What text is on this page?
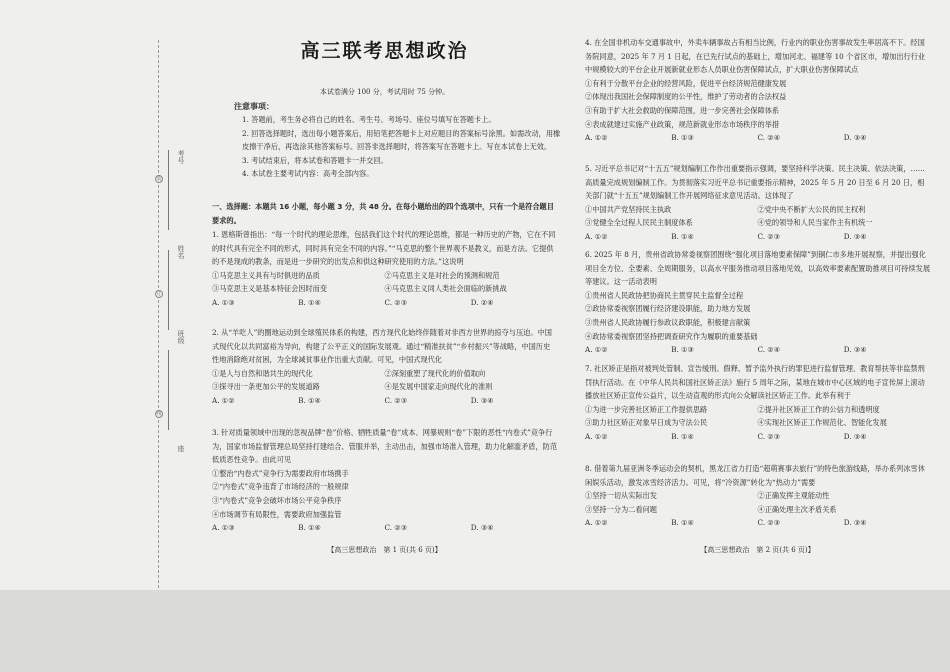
考号
姓名
班级
座
装
订
线
高三联考思想政治
本试卷满分 100 分，考试用时 75 分钟。
注意事项：

1. 答题前，考生务必将自己的姓名、考生号、考场号、座位号填写在答题卡上。

2. 回答选择题时，选出每小题答案后，用铅笔把答题卡上对应题目的答案标号涂黑。如需改动，用橡皮擦干净后，再选涂其他答案标号。回答非选择题时，将答案写在答题卡上。写在本试卷上无效。

3. 考试结束后，将本试卷和答题卡一并交回。

4. 本试卷主要考试内容：高考全部内容。

一、选择题：本题共 16 小题，每小题 3 分，共 48 分。在每小题给出的四个选项中，只有一个是符合题目要求的。

1. 恩格斯曾指出：“每一个时代的理论思维，包括我们这个时代的理论思维，都是一种历史的产物，它在不同的时代具有完全不同的形式，同时具有完全不同的内容。”“马克思的整个世界观不是教义，而是方法。它提供的不是现成的教条，而是进一步研究的出发点和供这种研究使用的方法。”这说明

①马克思主义具有与时俱进的品质	②马克思主义是对社会的预测和规范
③马克思主义是基本特征会因时而变	④马克思主义同人类社会面临的新挑战
A. ①③	B. ①④	C. ②③	D. ②④

2. 从“羊吃人”的圈地运动到全球殖民体系的构建，西方现代化始终伴随着对非西方世界的掠夺与压迫。中国式现代化以共同富裕为导向，构建了公平正义的国际发展观。通过“精准扶贫”“乡村振兴”等战略，中国历史性地消除绝对贫困，为全球减贫事业作出重大贡献。可见，中国式现代化

①是人与自然和谐共生的现代化	②深刻重塑了现代化的价值取向
③探寻出一条更加公平的发展道路	④是发展中国家走向现代化的准则
A. ①②	B. ①④	C. ②③	D. ③④

3. 针对质量领域中出现的忽视品牌“卷”价格、牺牲质量“卷”成本、网暴规则“卷”下限的恶性“内卷式”竞争行为，国家市场监督管理总局坚持打建结合、管服并举，主动出击，加强市场准入管理，助力化解滥矛盾，防范低质恶性竞争。由此可见

①整治“内卷式”竞争行为需要政府市场携手

②“内卷式”竞争违背了市场经济的一般规律

③“内卷式”竞争会破坏市场公平竞争秩序

④市场调节有局限性，需要政府加强监管

A. ①③	B. ①④	C. ②③	D. ③④
【高三思想政治　第 1 页(共 6 页)】

4. 在全国非机动车交通事故中，外卖车辆事故占有相当比例，行业内的职业伤害事故发生率居高不下。经国务院同意，2025 年 7 月 1 日起，在已先行试点的基础上，增加河北、福建等 10 个省区市，增加出行行业中规模较大的平台企业开展新就业形态人员职业伤害保障试点，扩大职业伤害保障试点

①有利于分散平台企业的经营风险，促进平台经济规范健康发展

②体现出我国社会保障制度的公平性，维护了劳动者的合法权益

③有助于扩大社会救助的保障范围，进一步完善社会保障体系

④表成就建过实施产业政策，规范新就业形态市场秩序的举措

A. ①②	B. ①③	C. ②④	D. ③④

5. 习近平总书记对“十五五”规划编制工作作出重要指示强调，要坚持科学决策、民主决策、依法决策，……高质量完成规划编制工作。为贯彻落实习近平总书记重要指示精神，2025 年 5 月 20 日至 6 月 20 日，相关部门就“十五五”规划编制工作开展网络征求意见活动。这体现了

①中国共产党坚持民主执政	②党中央不断扩大公民的民主权利
③党健全全过程人民民主制度体系	④党的领导和人民当家作主有机统一
A. ①②	B. ①④	C. ②③	D. ③④

6. 2025 年 8 月，贵州省政协常委视察团围绕“强化项目落地要素保障”到铜仁市多地开展视察，并提出强化项目全方位、全要素、全周期服务，以高水平服务推动项目落地见效，以高效率要素配置助推项目可持续发展等建议。这一活动表明

①贵州省人民政协把协商民主贯穿民主监督全过程

②政协常委视察团履行经济建设职能，助力地方发展

③贵州省人民政协履行参政议政职能，积极建言献策

④政协常委视察团坚持把调查研究作为履职的重要基础

A. ①②	B. ①③	C. ②④	D. ③④

7. 社区矫正是指对被判处管制、宣告缓刑、假释、暂予监外执行的罪犯进行监督管理、教育帮扶等非监禁刑罚执行活动。在《中华人民共和国社区矫正法》施行 5 周年之际，某地在城市中心区域的电子宣传屏上滚动播放社区矫正宣传公益片，以生动直观的形式向公众解读社区矫正工作。此举有利于

①为进一步完善社区矫正工作提供思路	②提升社区矫正工作的公信力和透明度
③助力社区矫正对象早日成为守法公民	④实现社区矫正工作规范化、智能化发展
A. ①②	B. ①④	C. ②③	D. ③④

8. 借着第九届亚洲冬季运动会的契机，黑龙江省力打造“超萌赛事去旅行”的特色旅游线路，举办系列冰雪休闲娱乐活动，激发冰雪经济活力。可见，将“冷资源”转化为“热动力”需要

①坚持一切从实际出发	②正确发挥主观能动性
③坚持一分为二看问题	④正确处理主次矛盾关系
A. ①②	B. ①④	C. ②③	D. ③④
【高三思想政治　第 2 页(共 6 页)】
